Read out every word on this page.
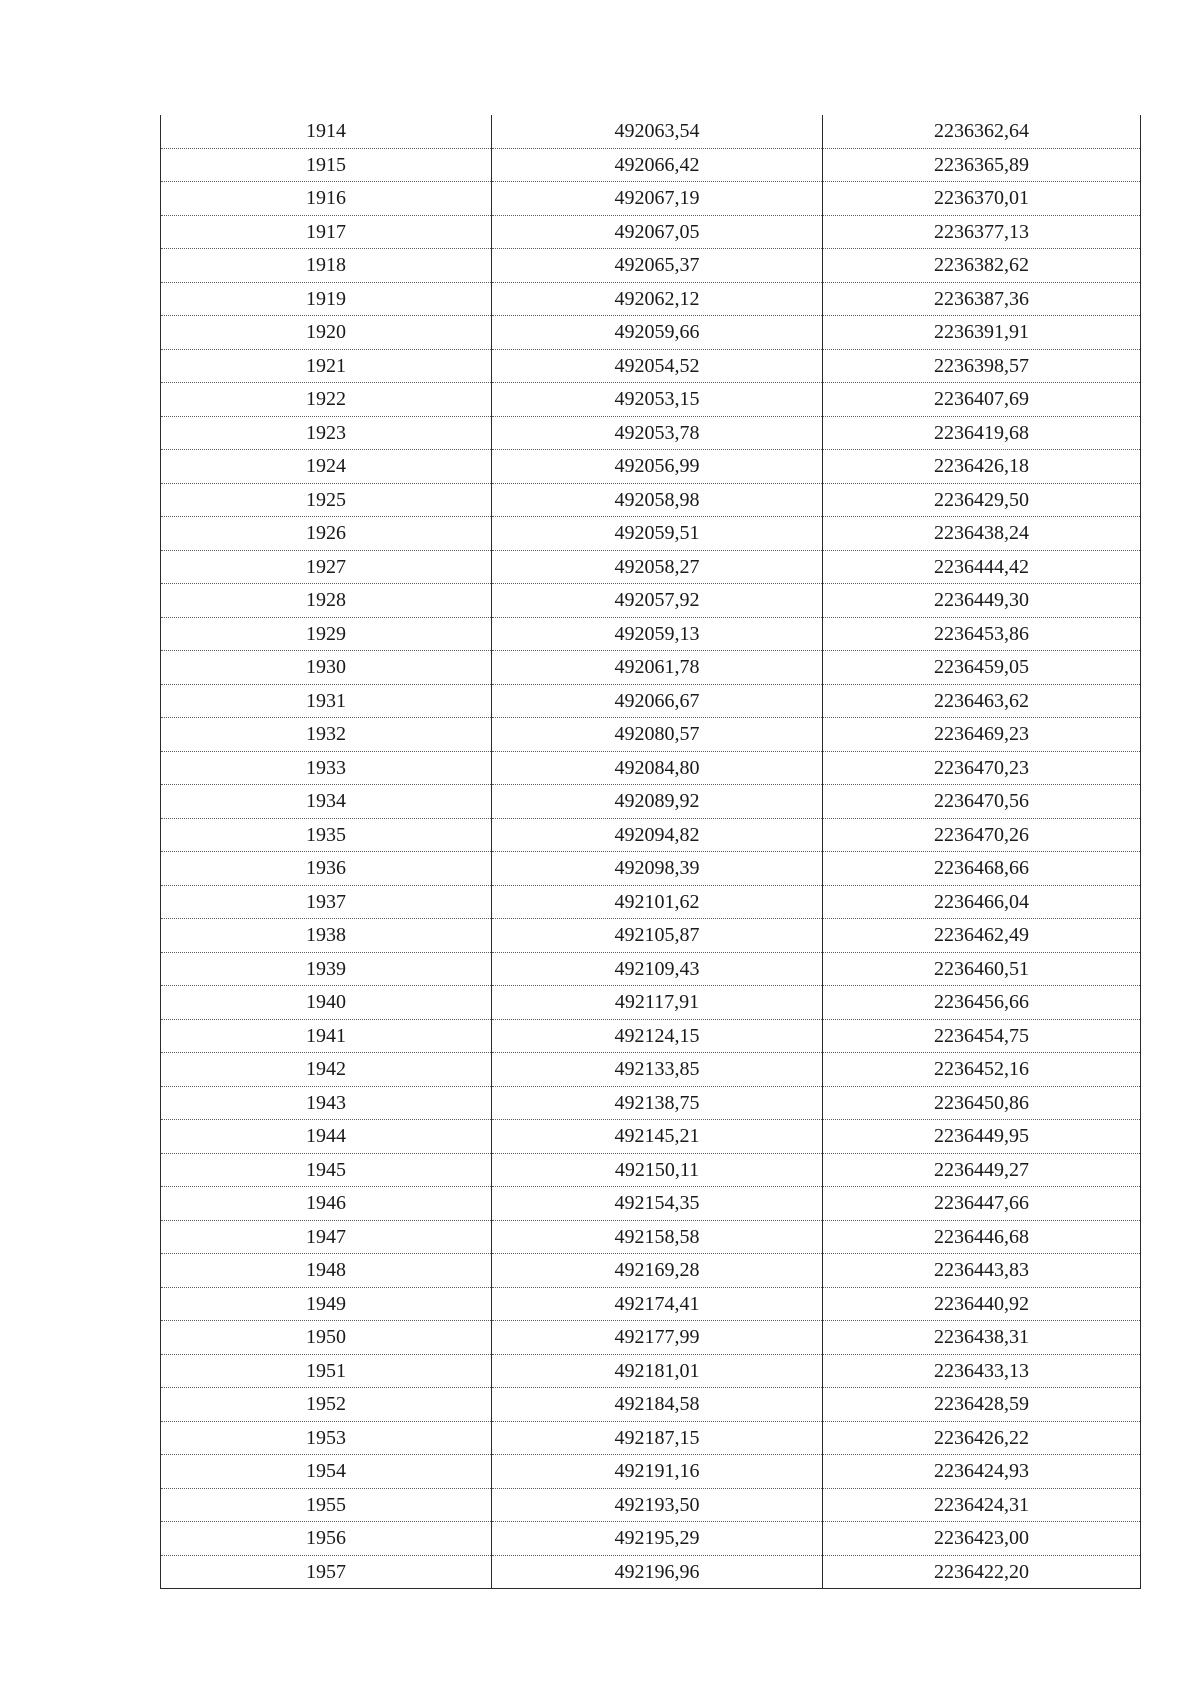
1914	492063,54	2236362,64
1915	492066,42	2236365,89
1916	492067,19	2236370,01
1917	492067,05	2236377,13
1918	492065,37	2236382,62
1919	492062,12	2236387,36
1920	492059,66	2236391,91
1921	492054,52	2236398,57
1922	492053,15	2236407,69
1923	492053,78	2236419,68
1924	492056,99	2236426,18
1925	492058,98	2236429,50
1926	492059,51	2236438,24
1927	492058,27	2236444,42
1928	492057,92	2236449,30
1929	492059,13	2236453,86
1930	492061,78	2236459,05
1931	492066,67	2236463,62
1932	492080,57	2236469,23
1933	492084,80	2236470,23
1934	492089,92	2236470,56
1935	492094,82	2236470,26
1936	492098,39	2236468,66
1937	492101,62	2236466,04
1938	492105,87	2236462,49
1939	492109,43	2236460,51
1940	492117,91	2236456,66
1941	492124,15	2236454,75
1942	492133,85	2236452,16
1943	492138,75	2236450,86
1944	492145,21	2236449,95
1945	492150,11	2236449,27
1946	492154,35	2236447,66
1947	492158,58	2236446,68
1948	492169,28	2236443,83
1949	492174,41	2236440,92
1950	492177,99	2236438,31
1951	492181,01	2236433,13
1952	492184,58	2236428,59
1953	492187,15	2236426,22
1954	492191,16	2236424,93
1955	492193,50	2236424,31
1956	492195,29	2236423,00
1957	492196,96	2236422,20
